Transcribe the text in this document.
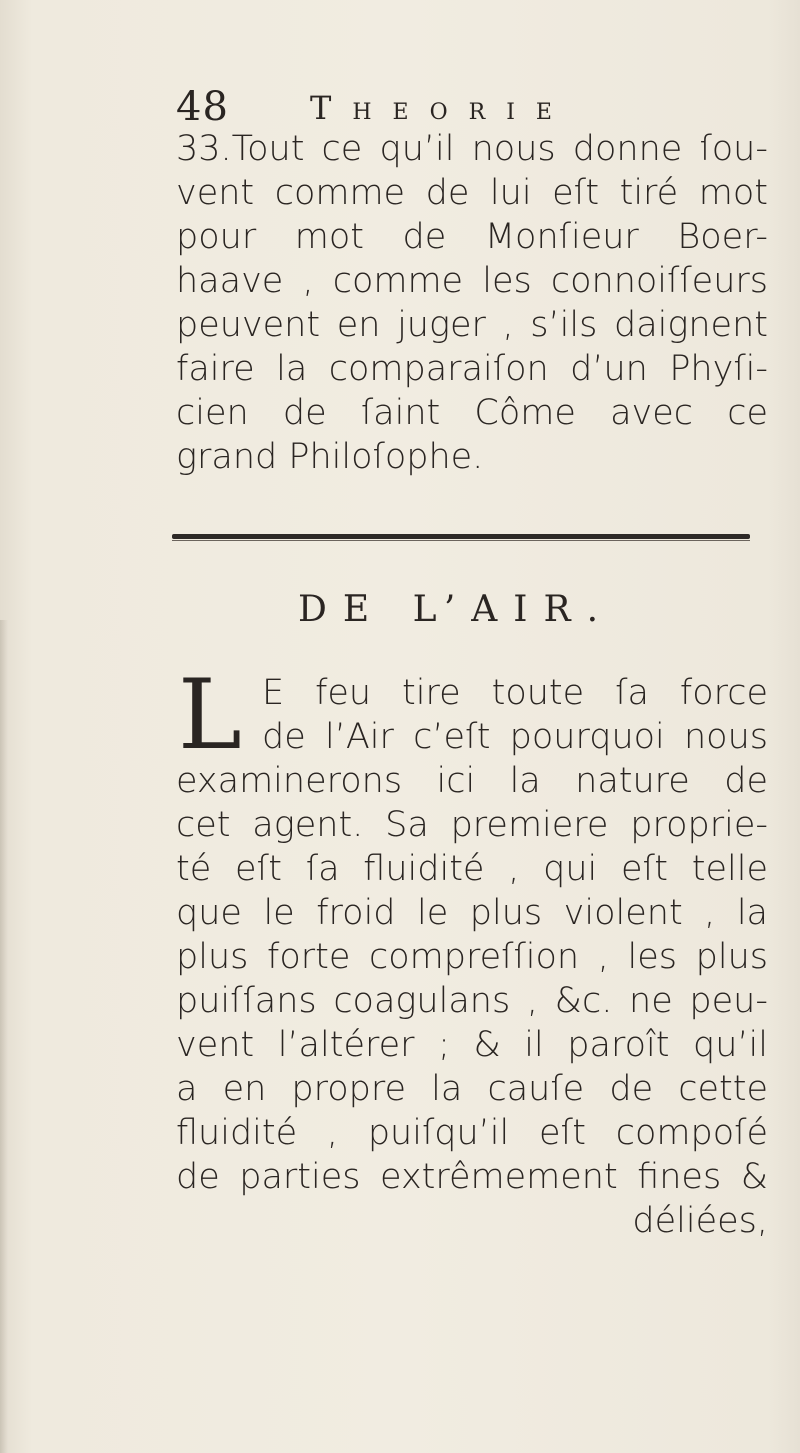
48	Theorie
33.Tout ce qu’il nous donne ſou-
vent comme de lui eſt tiré mot
pour mot de Monſieur Boer-
haave , comme les connoiſſeurs
peuvent en juger , s’ils daignent
faire la comparaiſon d’un Phyſi-
cien de ſaint Côme avec ce
grand Philoſophe.
DE L’AIR.
L E feu tire toute ſa force
de l’Air c’eſt pourquoi nous
examinerons ici la nature de
cet agent. Sa premiere proprie-
té eſt ſa fluidité , qui eſt telle
que le froid le plus violent , la
plus forte compreſſion , les plus
puiſſans coagulans , &c. ne peu-
vent l’altérer ; & il paroît qu’il
a en propre la cauſe de cette
fluidité , puiſqu’il eſt compoſé
de parties extrêmement fines &
déliées,
